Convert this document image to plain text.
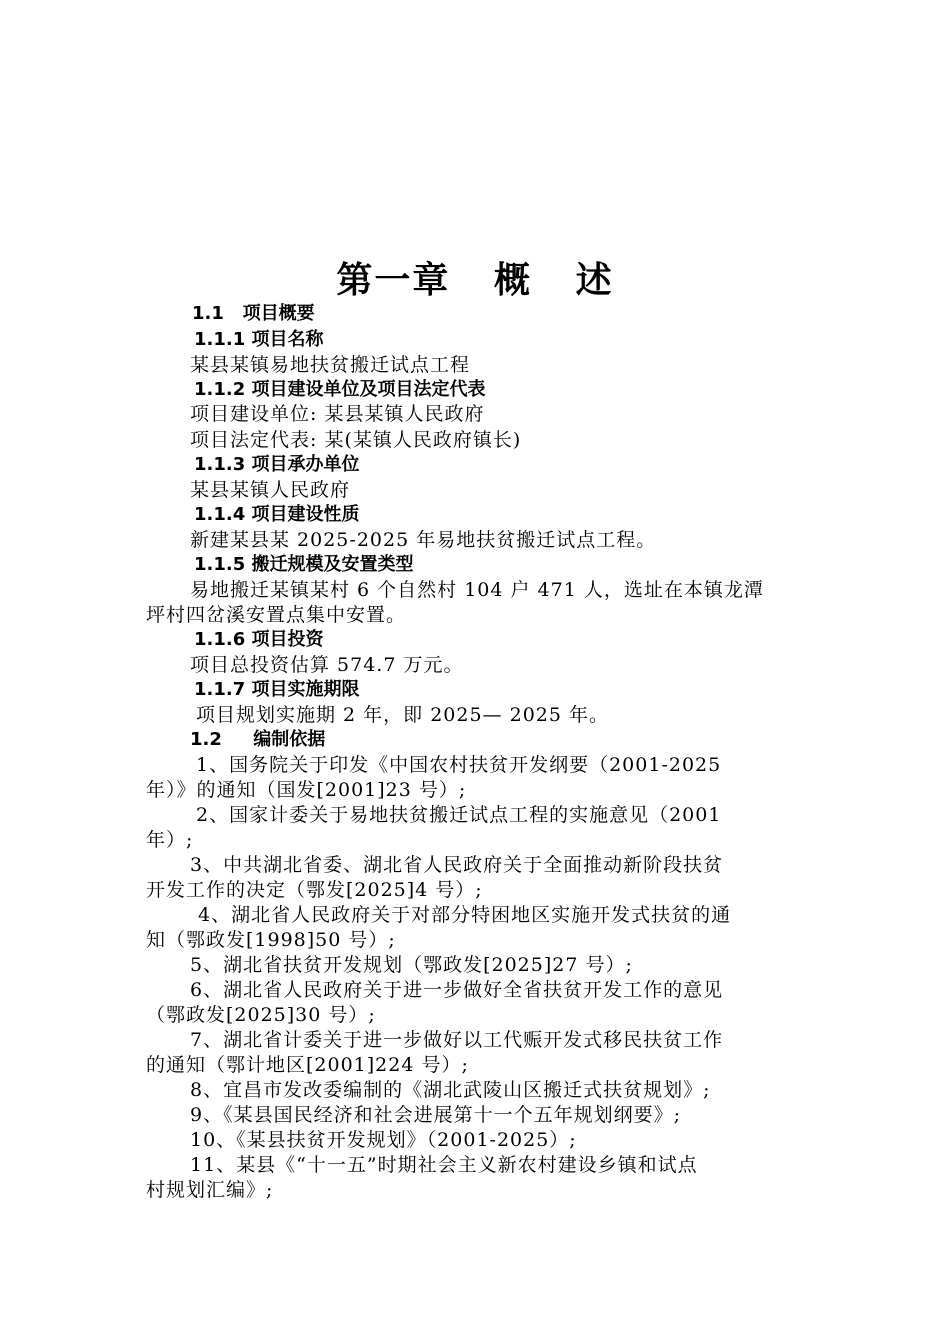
第一章   概   述
1.1   项目概要
1.1.1 项目名称
某县某镇易地扶贫搬迁试点工程
1.1.2 项目建设单位及项目法定代表
项目建设单位: 某县某镇人民政府
项目法定代表: 某(某镇人民政府镇长)
1.1.3 项目承办单位
某县某镇人民政府
1.1.4 项目建设性质
新建某县某 2025-2025 年易地扶贫搬迁试点工程。
1.1.5 搬迁规模及安置类型
易地搬迁某镇某村 6 个自然村 104 户 471 人，选址在本镇龙潭
坪村四岔溪安置点集中安置。
1.1.6 项目投资
项目总投资估算 574.7 万元。
1.1.7 项目实施期限
项目规划实施期 2 年，即 2025— 2025 年。
1.2     编制依据
1、国务院关于印发《中国农村扶贫开发纲要（2001-2025
年）》的通知（国发[2001]23 号）;
2、国家计委关于易地扶贫搬迁试点工程的实施意见（2001
年）;
3、中共湖北省委、湖北省人民政府关于全面推动新阶段扶贫
开发工作的决定（鄂发[2025]4 号）;
4、湖北省人民政府关于对部分特困地区实施开发式扶贫的通
知（鄂政发[1998]50 号）;
5、湖北省扶贫开发规划（鄂政发[2025]27 号）;
6、湖北省人民政府关于进一步做好全省扶贫开发工作的意见
（鄂政发[2025]30 号）;
7、湖北省计委关于进一步做好以工代赈开发式移民扶贫工作
的通知（鄂计地区[2001]224 号）;
8、宜昌市发改委编制的《湖北武陵山区搬迁式扶贫规划》;
9、《某县国民经济和社会进展第十一个五年规划纲要》;
10、《某县扶贫开发规划》（2001-2025）;
11、某县《“十一五”时期社会主义新农村建设乡镇和试点
村规划汇编》;
